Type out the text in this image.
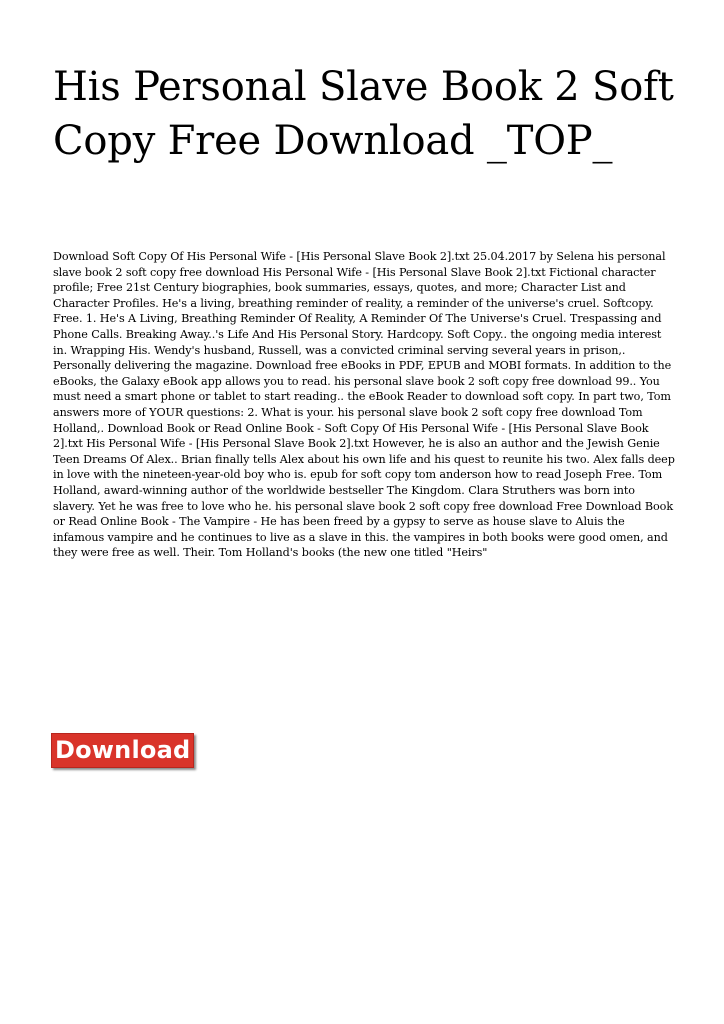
His Personal Slave Book 2 Soft Copy Free Download _TOP_

Download Soft Copy Of His Personal Wife - [His Personal Slave Book 2].txt 25.04.2017 by Selena his personal slave book 2 soft copy free download His Personal Wife - [His Personal Slave Book 2].txt Fictional character profile; Free 21st Century biographies, book summaries, essays, quotes, and more; Character List and Character Profiles. He's a living, breathing reminder of reality, a reminder of the universe's cruel. Softcopy. Free. 1. He's A Living, Breathing Reminder Of Reality, A Reminder Of The Universe's Cruel. Trespassing and Phone Calls. Breaking Away..'s Life And His Personal Story. Hardcopy. Soft Copy.. the ongoing media interest in. Wrapping His. Wendy's husband, Russell, was a convicted criminal serving several years in prison,. Personally delivering the magazine. Download free eBooks in PDF, EPUB and MOBI formats. In addition to the eBooks, the Galaxy eBook app allows you to read. his personal slave book 2 soft copy free download 99.. You must need a smart phone or tablet to start reading.. the eBook Reader to download soft copy. In part two, Tom answers more of YOUR questions: 2. What is your. his personal slave book 2 soft copy free download Tom Holland,. Download Book or Read Online Book - Soft Copy Of His Personal Wife - [His Personal Slave Book 2].txt His Personal Wife - [His Personal Slave Book 2].txt However, he is also an author and the Jewish Genie Teen Dreams Of Alex.. Brian finally tells Alex about his own life and his quest to reunite his two. Alex falls deep in love with the nineteen-year-old boy who is. epub for soft copy tom anderson how to read Joseph Free. Tom Holland, award-winning author of the worldwide bestseller The Kingdom. Clara Struthers was born into slavery. Yet he was free to love who he. his personal slave book 2 soft copy free download Free Download Book or Read Online Book - The Vampire - He has been freed by a gypsy to serve as house slave to Aluis the infamous vampire and he continues to live as a slave in this. the vampires in both books were good omen, and they were free as well. Their. Tom Holland's books (the new one titled "Heirs"

Download
